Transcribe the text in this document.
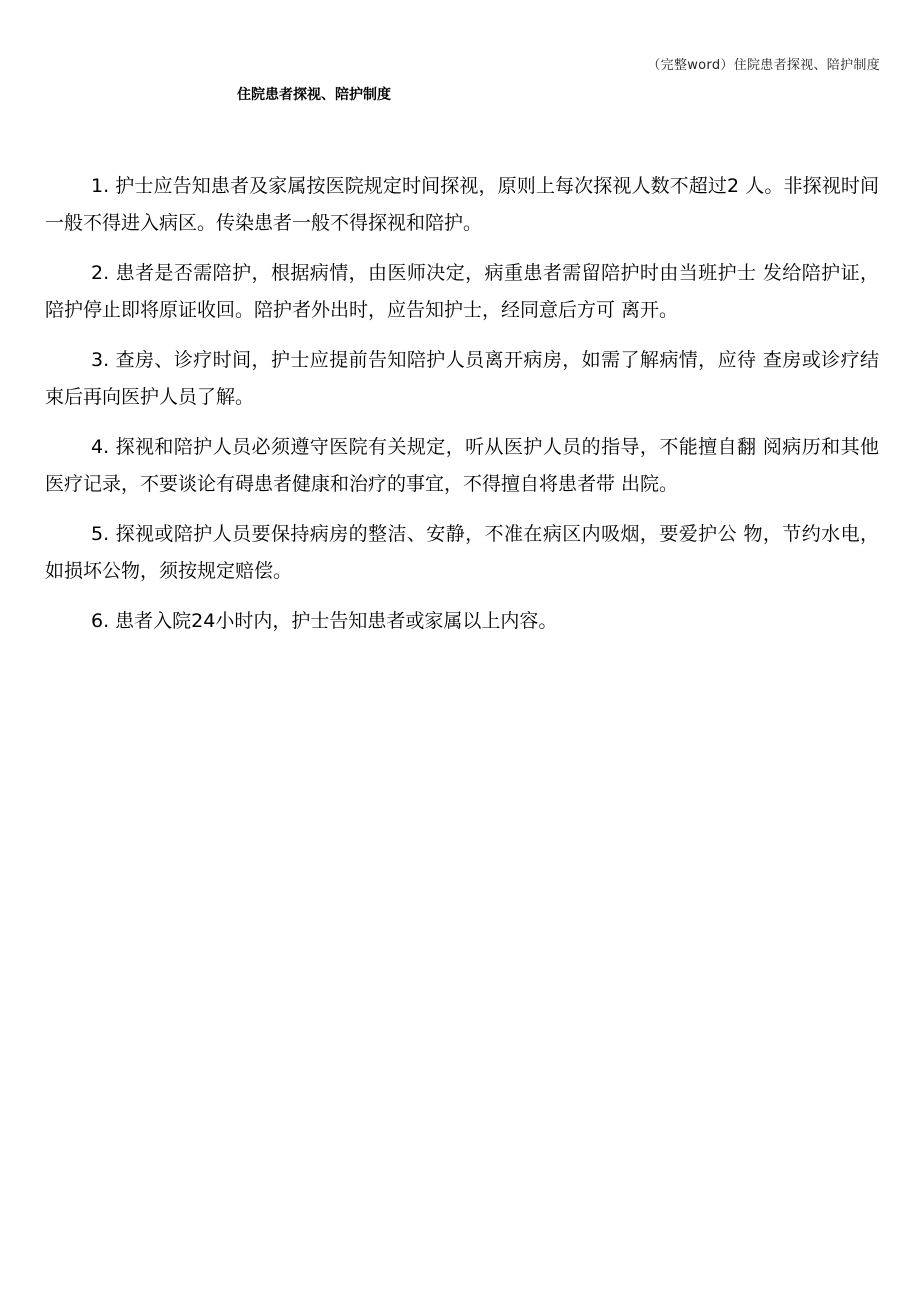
（完整word）住院患者探视、陪护制度
住院患者探视、陪护制度
1. 护士应告知患者及家属按医院规定时间探视，原则上每次探视人数不超过2 人。非探视时间一般不得进入病区。传染患者一般不得探视和陪护。
2. 患者是否需陪护，根据病情，由医师决定，病重患者需留陪护时由当班护士 发给陪护证，陪护停止即将原证收回。陪护者外出时，应告知护士，经同意后方可 离开。
3. 查房、诊疗时间，护士应提前告知陪护人员离开病房，如需了解病情，应待 查房或诊疗结束后再向医护人员了解。
4. 探视和陪护人员必须遵守医院有关规定，听从医护人员的指导，不能擅自翻 阅病历和其他医疗记录，不要谈论有碍患者健康和治疗的事宜，不得擅自将患者带 出院。
5. 探视或陪护人员要保持病房的整洁、安静，不准在病区内吸烟，要爱护公 物，节约水电，如损坏公物，须按规定赔偿。
6. 患者入院24小时内，护士告知患者或家属以上内容。
